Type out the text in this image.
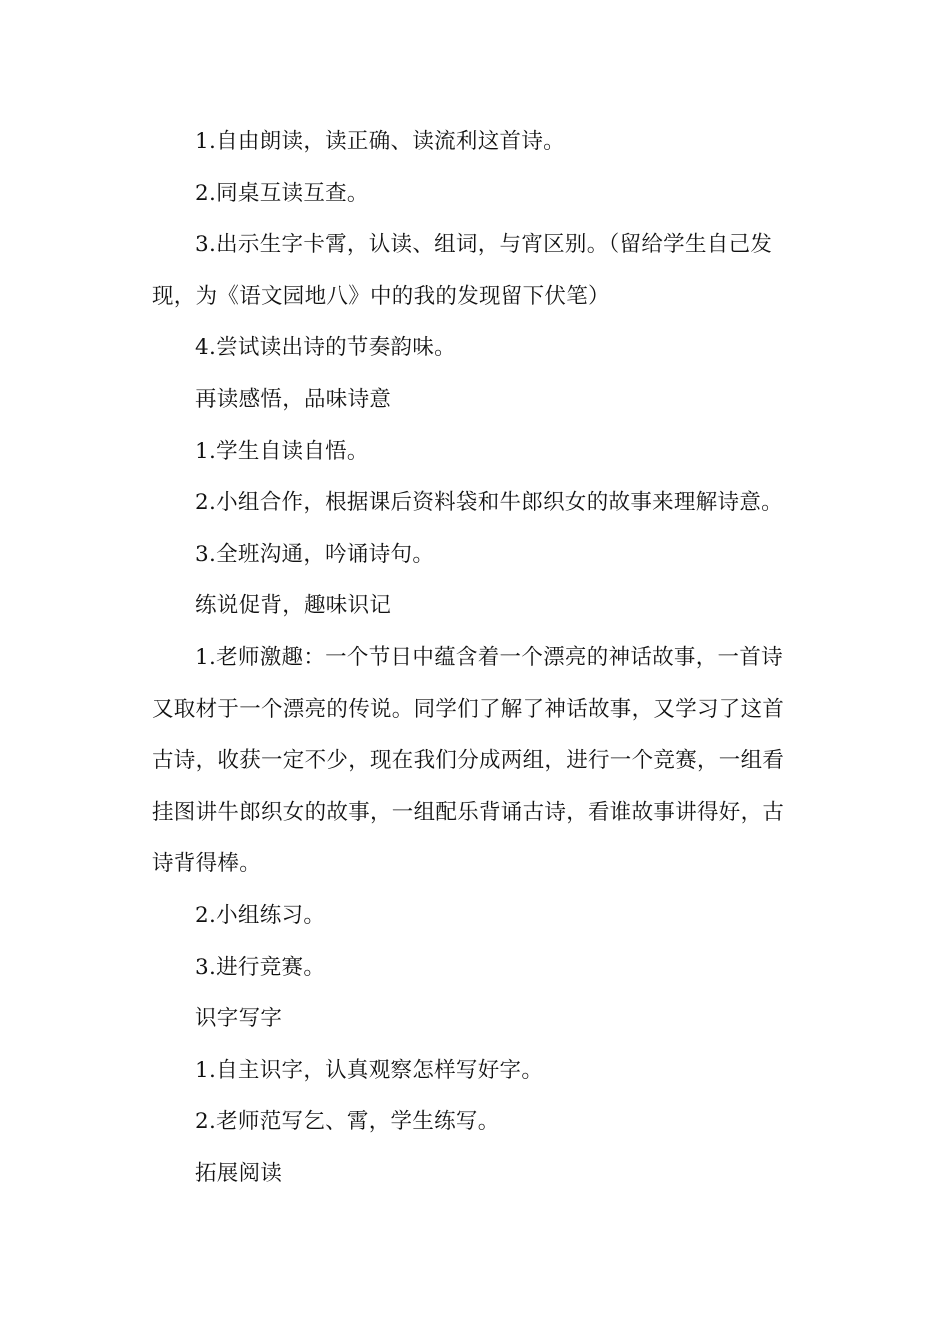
1.自由朗读，读正确、读流利这首诗。

2.同桌互读互查。

3.出示生字卡霄，认读、组词，与宵区别。（留给学生自己发现，为《语文园地八》中的我的发现留下伏笔）

4.尝试读出诗的节奏韵味。

再读感悟，品味诗意

1.学生自读自悟。

2.小组合作，根据课后资料袋和牛郎织女的故事来理解诗意。

3.全班沟通，吟诵诗句。

练说促背，趣味识记

1.老师激趣：一个节日中蕴含着一个漂亮的神话故事，一首诗又取材于一个漂亮的传说。同学们了解了神话故事，又学习了这首古诗，收获一定不少，现在我们分成两组，进行一个竞赛，一组看挂图讲牛郎织女的故事，一组配乐背诵古诗，看谁故事讲得好，古诗背得棒。

2.小组练习。

3.进行竞赛。

识字写字

1.自主识字，认真观察怎样写好字。

2.老师范写乞、霄，学生练写。

拓展阅读
